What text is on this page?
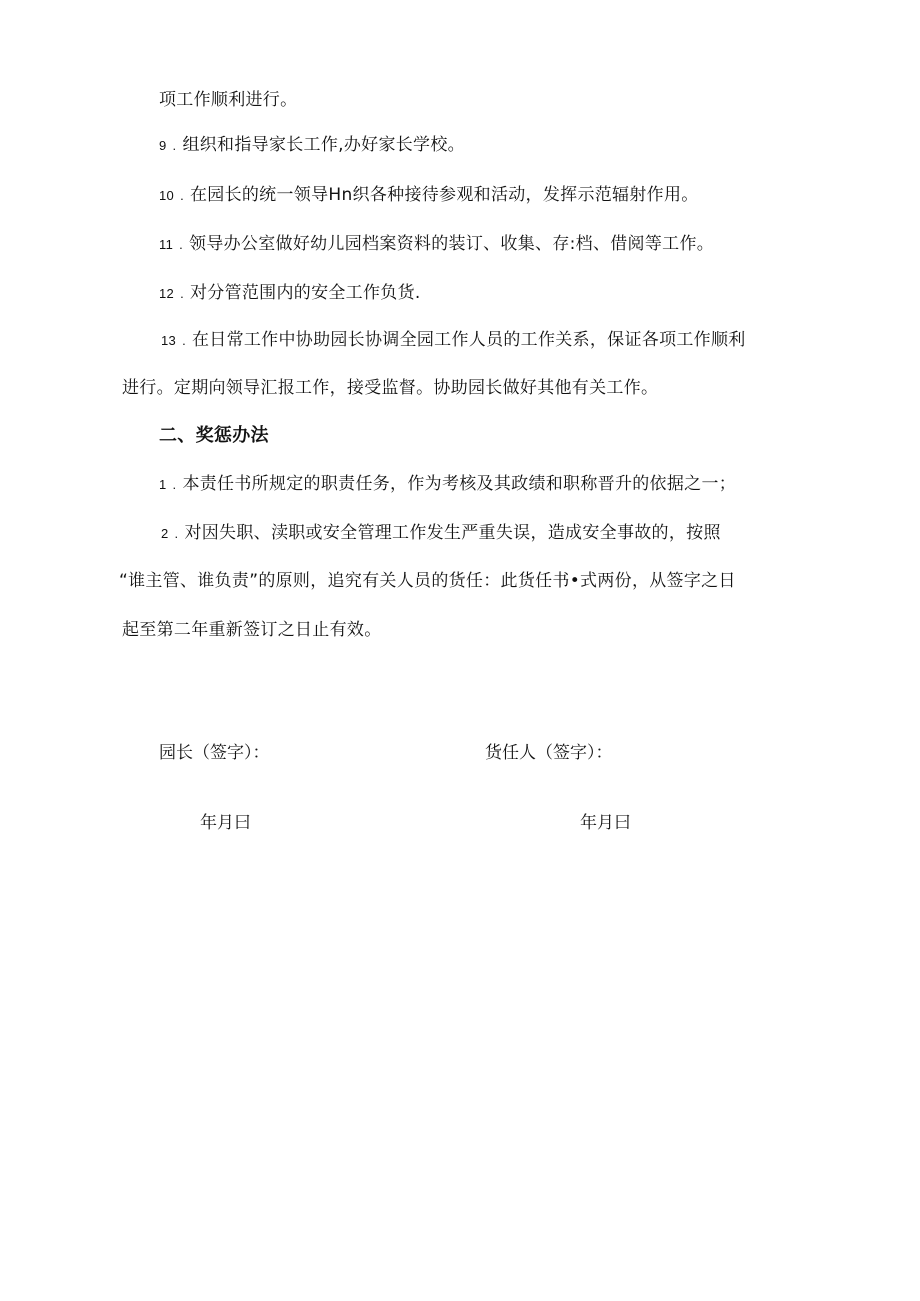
项工作顺利进行。
9 . 组织和指导家长工作,办好家长学校。
10 . 在园长的统一领导Hn织各种接待参观和活动，发挥示范辐射作用。
11 . 领导办公室做好幼儿园档案资料的装订、收集、存:档、借阅等工作。
12 . 对分管范围内的安全工作负货.
13 . 在日常工作中协助园长协调全园工作人员的工作关系，保证各项工作顺利
进行。定期向领导汇报工作，接受监督。协助园长做好其他有关工作。
二、奖惩办法
1 . 本责任书所规定的职责任务，作为考核及其政绩和职称晋升的依据之一；
2 . 对因失职、渎职或安全管理工作发生严重失误，造成安全事故的，按照
“谁主管、谁负责”的原则，追究有关人员的货任：此货任书•式两份，从签字之日
起至第二年重新签订之日止有效。
园长（签字）：	货任人（签字）：
年月曰	年月曰
